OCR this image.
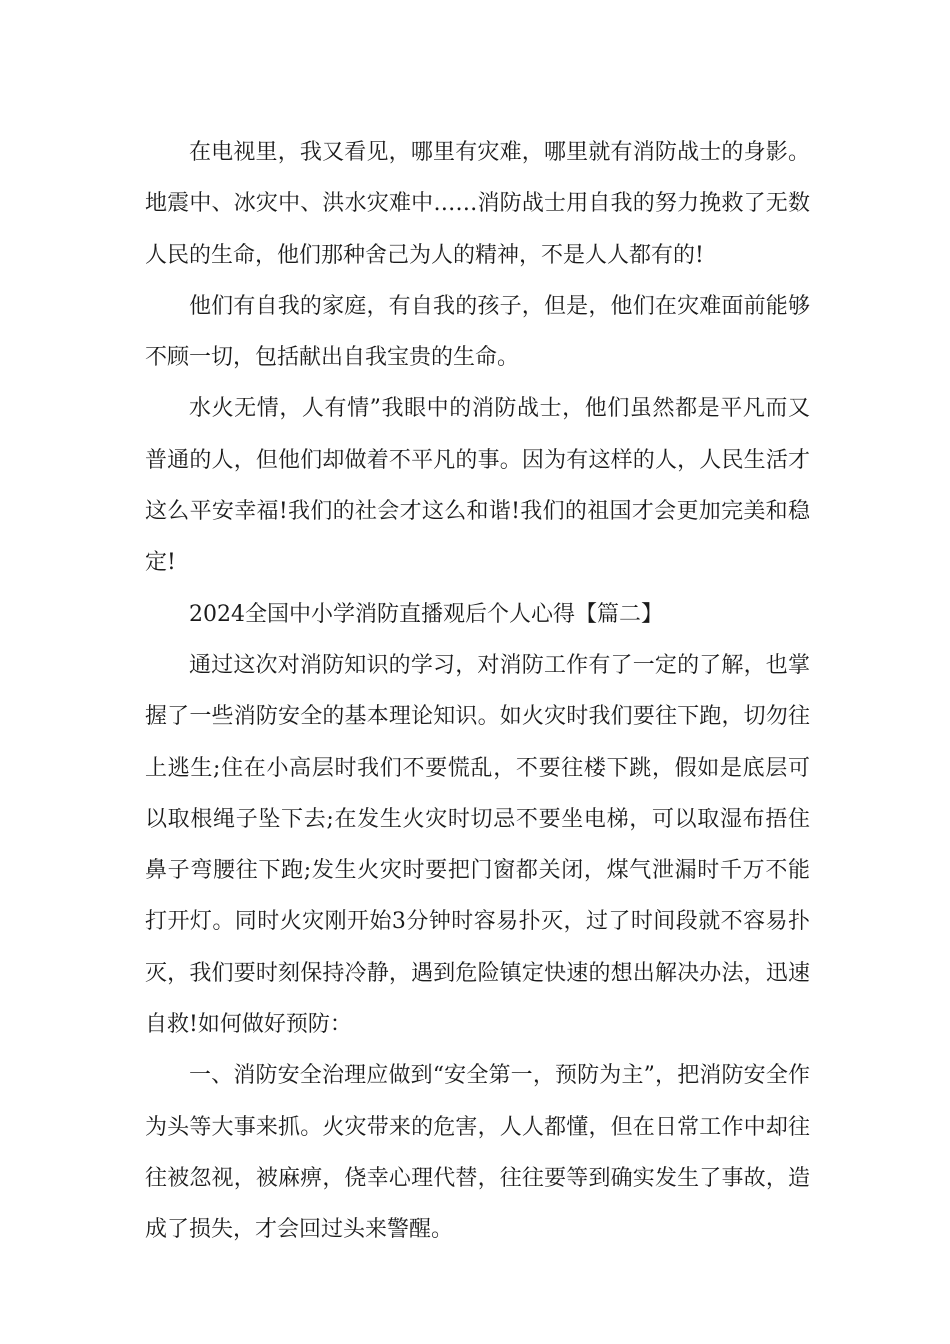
在电视里，我又看见，哪里有灾难，哪里就有消防战士的身影。地震中、冰灾中、洪水灾难中……消防战士用自我的努力挽救了无数人民的生命，他们那种舍己为人的精神，不是人人都有的!

他们有自我的家庭，有自我的孩子，但是，他们在灾难面前能够不顾一切，包括献出自我宝贵的生命。

水火无情，人有情”我眼中的消防战士，他们虽然都是平凡而又普通的人，但他们却做着不平凡的事。因为有这样的人，人民生活才这么平安幸福!我们的社会才这么和谐!我们的祖国才会更加完美和稳定!

2024全国中小学消防直播观后个人心得【篇二】

通过这次对消防知识的学习，对消防工作有了一定的了解，也掌握了一些消防安全的基本理论知识。如火灾时我们要往下跑，切勿往上逃生;住在小高层时我们不要慌乱，不要往楼下跳，假如是底层可以取根绳子坠下去;在发生火灾时切忌不要坐电梯，可以取湿布捂住鼻子弯腰往下跑;发生火灾时要把门窗都关闭，煤气泄漏时千万不能打开灯。同时火灾刚开始3分钟时容易扑灭，过了时间段就不容易扑灭，我们要时刻保持冷静，遇到危险镇定快速的想出解决办法，迅速自救!如何做好预防：

一、消防安全治理应做到“安全第一，预防为主”，把消防安全作为头等大事来抓。火灾带来的危害，人人都懂，但在日常工作中却往往被忽视，被麻痹，侥幸心理代替，往往要等到确实发生了事故，造成了损失，才会回过头来警醒。
